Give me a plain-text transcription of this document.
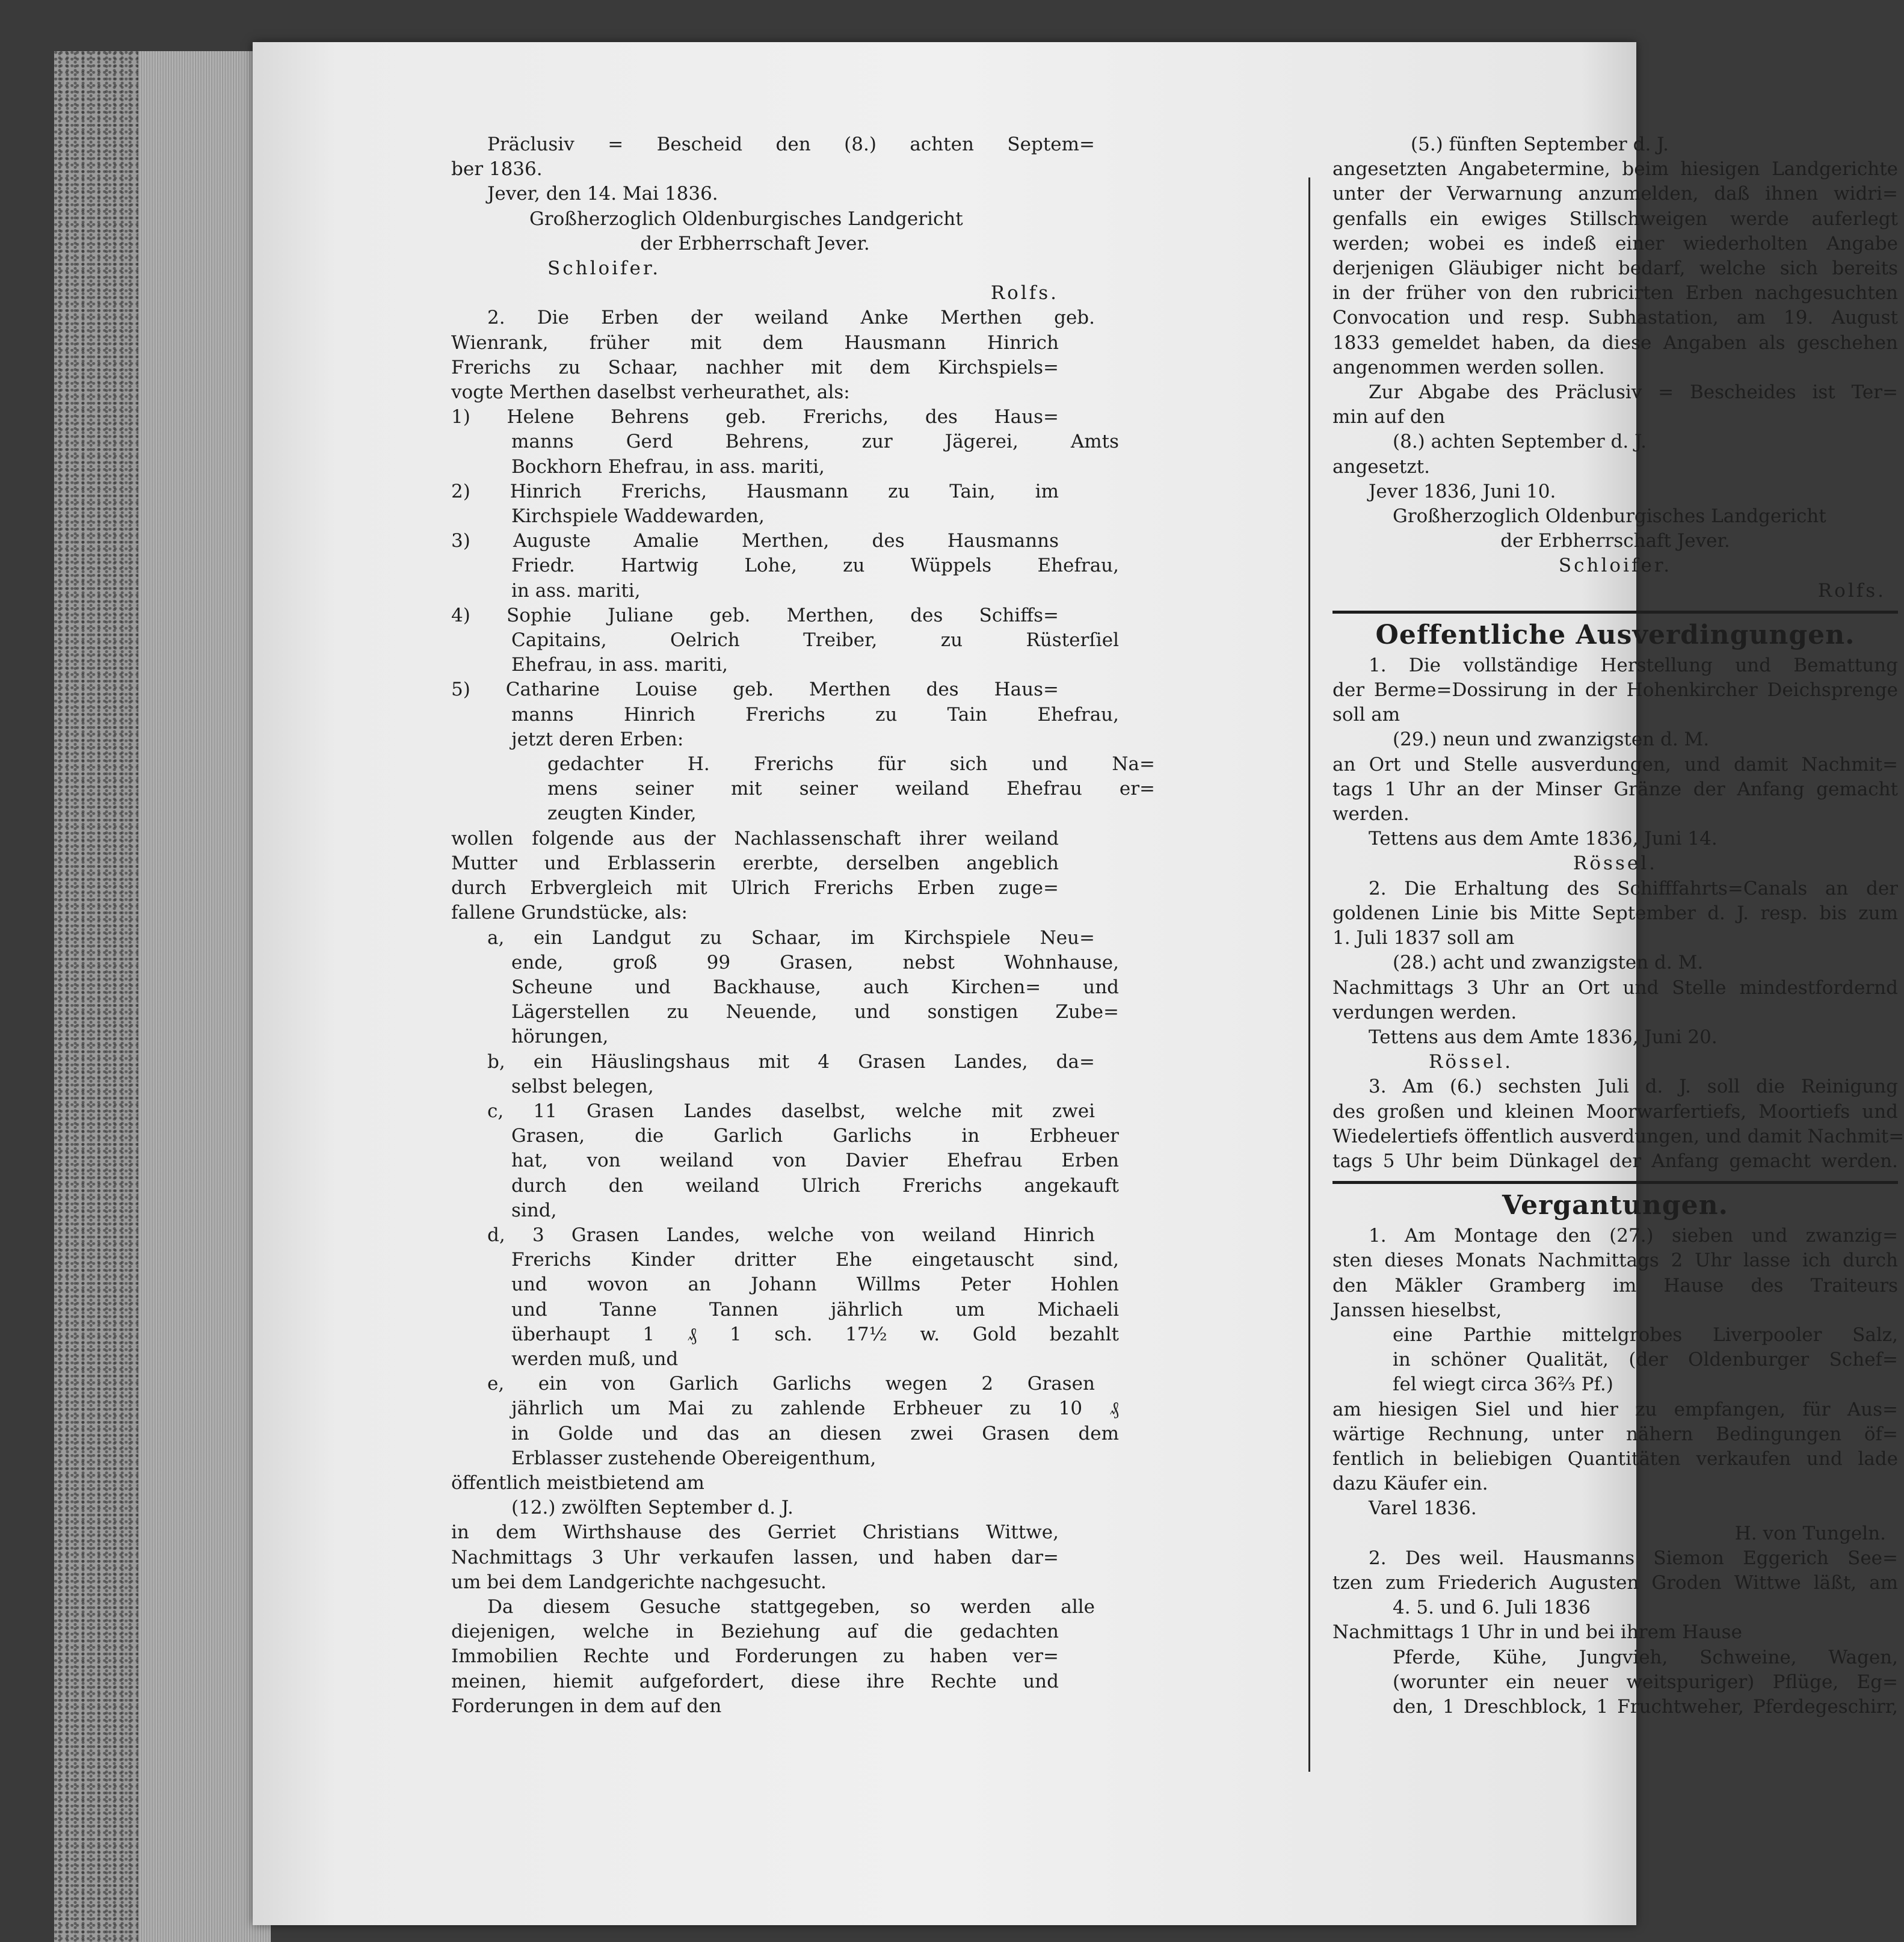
Präclusiv = Bescheid den (8.) achten Septem=
ber 1836.
Jever, den 14. Mai 1836.
Großherzoglich Oldenburgisches Landgericht
der Erbherrschaft Jever.
Schloifer.
Rolfs.
2. Die Erben der weiland Anke Merthen geb.
Wienrank, früher mit dem Hausmann Hinrich
Frerichs zu Schaar, nachher mit dem Kirchspiels=
vogte Merthen daselbst verheurathet, als:
1) Helene Behrens geb. Frerichs, des Haus=
manns Gerd Behrens, zur Jägerei, Amts
Bockhorn Ehefrau, in ass. mariti,
2) Hinrich Frerichs, Hausmann zu Tain, im
Kirchspiele Waddewarden,
3) Auguste Amalie Merthen, des Hausmanns
Friedr. Hartwig Lohe, zu Wüppels Ehefrau,
in ass. mariti,
4) Sophie Juliane geb. Merthen, des Schiffs=
Capitains, Oelrich Treiber, zu Rüsterſiel
Ehefrau, in ass. mariti,
5) Catharine Louise geb. Merthen des Haus=
manns Hinrich Frerichs zu Tain Ehefrau,
jetzt deren Erben:
gedachter H. Frerichs für sich und Na=
mens seiner mit seiner weiland Ehefrau er=
zeugten Kinder,
wollen folgende aus der Nachlassenschaft ihrer weiland
Mutter und Erblasserin ererbte, derselben angeblich
durch Erbvergleich mit Ulrich Frerichs Erben zuge=
fallene Grundstücke, als:
a, ein Landgut zu Schaar, im Kirchspiele Neu=
ende, groß 99 Grasen, nebst Wohnhause,
Scheune und Backhause, auch Kirchen= und
Lägerstellen zu Neuende, und sonstigen Zube=
hörungen,
b, ein Häuslingshaus mit 4 Grasen Landes, da=
selbst belegen,
c, 11 Grasen Landes daselbst, welche mit zwei
Grasen, die Garlich Garlichs in Erbheuer
hat, von weiland von Davier Ehefrau Erben
durch den weiland Ulrich Frerichs angekauft
sind,
d, 3 Grasen Landes, welche von weiland Hinrich
Frerichs Kinder dritter Ehe eingetauscht sind,
und wovon an Johann Willms Peter Hohlen
und Tanne Tannen jährlich um Michaeli
überhaupt 1 ₰ 1 sch. 17½ w. Gold bezahlt
werden muß, und
e, ein von Garlich Garlichs wegen 2 Grasen
jährlich um Mai zu zahlende Erbheuer zu 10 ₰
in Golde und das an diesen zwei Grasen dem
Erblasser zustehende Obereigenthum,
öffentlich meistbietend am
(12.) zwölften September d. J.
in dem Wirthshause des Gerriet Christians Wittwe,
Nachmittags 3 Uhr verkaufen lassen, und haben dar=
um bei dem Landgerichte nachgesucht.
Da diesem Gesuche stattgegeben, so werden alle
diejenigen, welche in Beziehung auf die gedachten
Immobilien Rechte und Forderungen zu haben ver=
meinen, hiemit aufgefordert, diese ihre Rechte und
Forderungen in dem auf den
(5.) fünften September d. J.
angesetzten Angabetermine, beim hiesigen Landgerichte
unter der Verwarnung anzumelden, daß ihnen widri=
genfalls ein ewiges Stillschweigen werde auferlegt
werden; wobei es indeß einer wiederholten Angabe
derjenigen Gläubiger nicht bedarf, welche sich bereits
in der früher von den rubricirten Erben nachgesuchten
Convocation und resp. Subhastation, am 19. August
1833 gemeldet haben, da diese Angaben als geschehen
angenommen werden sollen.
Zur Abgabe des Präclusiv = Bescheides ist Ter=
min auf den
(8.) achten September d. J.
angesetzt.
Jever 1836, Juni 10.
Großherzoglich Oldenburgisches Landgericht
der Erbherrschaft Jever.
Schloifer.
Rolfs.
Oeffentliche Ausverdingungen.
1. Die vollständige Herstellung und Bemattung
der Berme=Dossirung in der Hohenkircher Deichsprenge
soll am
(29.) neun und zwanzigsten d. M.
an Ort und Stelle ausverdungen, und damit Nachmit=
tags 1 Uhr an der Minser Gränze der Anfang gemacht
werden.
Tettens aus dem Amte 1836, Juni 14.
Rössel.
2. Die Erhaltung des Schifffahrts=Canals an der
goldenen Linie bis Mitte September d. J. resp. bis zum
1. Juli 1837 soll am
(28.) acht und zwanzigsten d. M.
Nachmittags 3 Uhr an Ort und Stelle mindestfordernd
verdungen werden.
Tettens aus dem Amte 1836, Juni 20.
Rössel.
3. Am (6.) sechsten Juli d. J. soll die Reinigung
des großen und kleinen Moorwarfertiefs, Moortiefs und
Wiedelertiefs öffentlich ausverdungen, und damit Nachmit=
tags 5 Uhr beim Dünkagel der Anfang gemacht werden.
Vergantungen.
1. Am Montage den (27.) sieben und zwanzig=
sten dieses Monats Nachmittags 2 Uhr lasse ich durch
den Mäkler Gramberg im Hause des Traiteurs
Janssen hieselbst,
eine Parthie mittelgrobes Liverpooler Salz,
in schöner Qualität, (der Oldenburger Schef=
fel wiegt circa 36⅔ Pf.)
am hiesigen Siel und hier zu empfangen, für Aus=
wärtige Rechnung, unter nähern Bedingungen öf=
fentlich in beliebigen Quantitäten verkaufen und lade
dazu Käufer ein.
Varel 1836.
H. von Tungeln.
2. Des weil. Hausmanns Siemon Eggerich See=
tzen zum Friederich Augusten Groden Wittwe läßt, am
4. 5. und 6. Juli 1836
Nachmittags 1 Uhr in und bei ihrem Hause
Pferde, Kühe, Jungvieh, Schweine, Wagen,
(worunter ein neuer weitspuriger) Pflüge, Eg=
den, 1 Dreschblock, 1 Fruchtweher, Pferdegeschirr,
